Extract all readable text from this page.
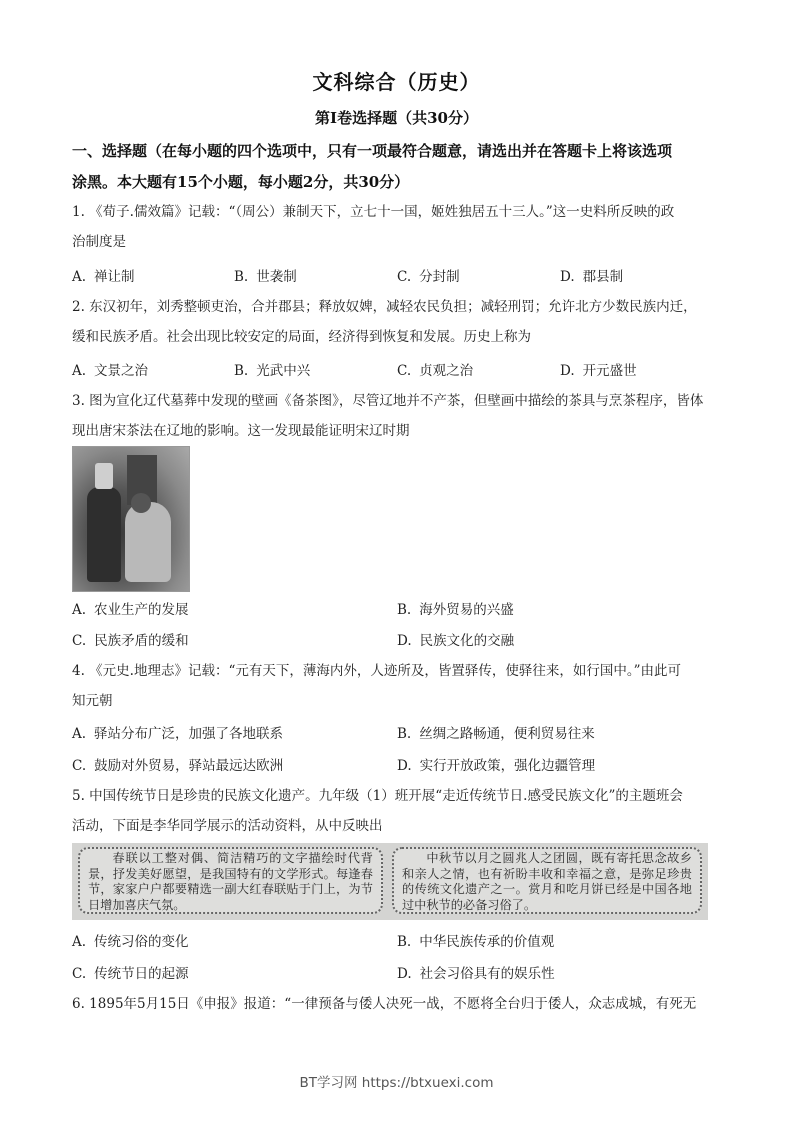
文科综合（历史）
第Ⅰ卷选择题（共30分）
一、选择题（在每小题的四个选项中，只有一项最符合题意，请选出并在答题卡上将该选项
涂黑。本大题有15个小题，每小题2分，共30分）
1. 《荀子.儒效篇》记载：“（周公）兼制天下，立七十一国，姬姓独居五十三人。”这一史料所反映的政
治制度是
A. 禅让制	B. 世袭制	C. 分封制	D. 郡县制
2. 东汉初年，刘秀整顿吏治，合并郡县；释放奴婢，减轻农民负担；减轻刑罚；允许北方少数民族内迁，
缓和民族矛盾。社会出现比较安定的局面，经济得到恢复和发展。历史上称为
A. 文景之治	B. 光武中兴	C. 贞观之治	D. 开元盛世
3. 图为宣化辽代墓葬中发现的壁画《备茶图》，尽管辽地并不产茶，但壁画中描绘的茶具与烹茶程序，皆体
现出唐宋茶法在辽地的影响。这一发现最能证明宋辽时期
A. 农业生产的发展	B. 海外贸易的兴盛
C. 民族矛盾的缓和	D. 民族文化的交融
4. 《元史.地理志》记载：“元有天下，薄海内外，人迹所及，皆置驿传，使驿往来，如行国中。”由此可
知元朝
A. 驿站分布广泛，加强了各地联系	B. 丝绸之路畅通，便利贸易往来
C. 鼓励对外贸易，驿站最远达欧洲	D. 实行开放政策，强化边疆管理
5. 中国传统节日是珍贵的民族文化遗产。九年级（1）班开展“走近传统节日.感受民族文化”的主题班会
活动，下面是李华同学展示的活动资料，从中反映出

春联以工整对偶、简洁精巧的文字描绘时代背景，抒发美好愿望，是我国特有的文学形式。每逢春节，家家户户都要精选一副大红春联贴于门上，为节日增加喜庆气氛。

中秋节以月之圆兆人之团圆，既有寄托思念故乡和亲人之情，也有祈盼丰收和幸福之意，是弥足珍贵的传统文化遗产之一。赏月和吃月饼已经是中国各地过中秋节的必备习俗了。

A. 传统习俗的变化	B. 中华民族传承的价值观
C. 传统节日的起源	D. 社会习俗具有的娱乐性
6. 1895年5月15日《申报》报道：“一律预备与倭人决死一战，不愿将全台归于倭人，众志成城，有死无
BT学习网 https://btxuexi.com
